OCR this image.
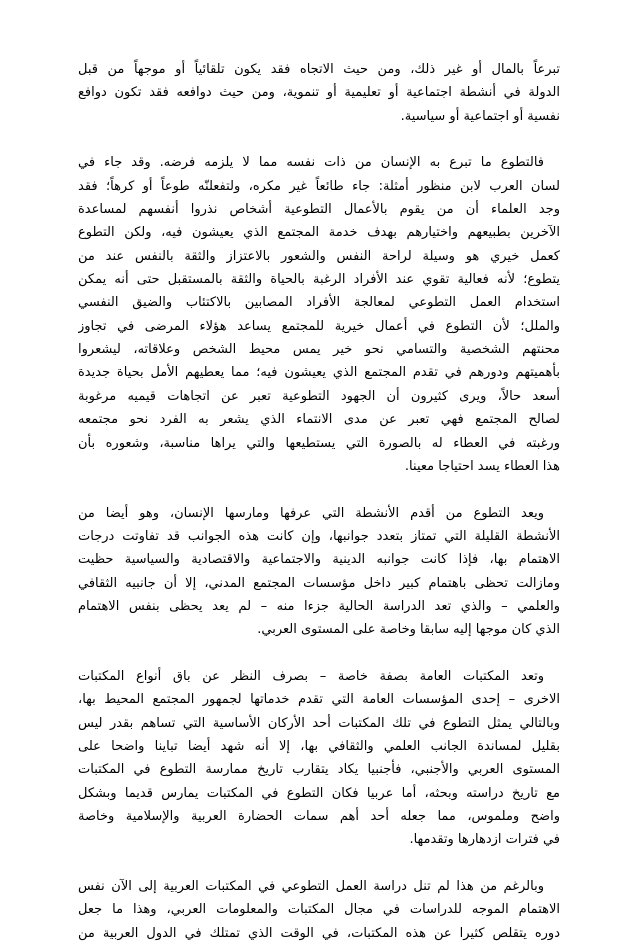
تبرعاً بالمال أو غير ذلك، ومن حيث الاتجاه فقد يكون تلقائياً أو موجهاً من قبل
الدولة في أنشطة اجتماعية أو تعليمية أو تنموية، ومن حيث دوافعه فقد تكون دوافع
نفسية أو اجتماعية أو سياسية.
فالتطوع ما تبرع به الإنسان من ذات نفسه مما لا يلزمه فرضه. وقد جاء في
لسان العرب لابن منظور أمثلة: جاء طائعاً غير مكره، ولتفعلنّه طوعاً أو كرهاً؛ فقد
وجد العلماء أن من يقوم بالأعمال التطوعية أشخاص نذروا أنفسهم لمساعدة
الآخرين بطبيعهم واختيارهم بهدف خدمة المجتمع الذي يعيشون فيه، ولكن التطوع
كعمل خيري هو وسيلة لراحة النفس والشعور بالاعتزاز والثقة بالنفس عند من
يتطوع؛ لأنه فعالية تقوي عند الأفراد الرغبة بالحياة والثقة بالمستقبل حتى أنه يمكن
استخدام العمل التطوعي لمعالجة الأفراد المصابين بالاكتئاب والضيق النفسي
والملل؛ لأن التطوع في أعمال خيرية للمجتمع يساعد هؤلاء المرضى في تجاوز
محنتهم الشخصية والتسامي نحو خير يمس محيط الشخص وعلاقاته، ليشعروا
بأهميتهم ودورهم في تقدم المجتمع الذي يعيشون فيه؛ مما يعطيهم الأمل بحياة جديدة
أسعد حالاً، ويرى كثيرون أن الجهود التطوعية تعبر عن اتجاهات قيميه مرغوبة
لصالح المجتمع فهي تعبر عن مدى الانتماء الذي يشعر به الفرد نحو مجتمعه
ورغبته في العطاء له بالصورة التي يستطيعها والتي يراها مناسبة، وشعوره بأن
هذا العطاء يسد احتياجا معينا.
ويعد التطوع من أقدم الأنشطة التي عرفها ومارسها الإنسان، وهو أيضا من
الأنشطة القليلة التي تمتاز بتعدد جوانبها، وإن كانت هذه الجوانب قد تفاوتت درجات
الاهتمام بها، فإذا كانت جوانبه الدينية والاجتماعية والاقتصادية والسياسية حظيت
ومازالت تحظى باهتمام كبير داخل مؤسسات المجتمع المدني، إلا أن جانبيه الثقافي
والعلمي – والذي تعد الدراسة الحالية جزءا منه – لم يعد يحظى بنفس الاهتمام
الذي كان موجها إليه سابقا وخاصة على المستوى العربي.
وتعد المكتبات العامة بصفة خاصة – بصرف النظر عن باق أنواع المكتبات
الاخرى – إحدى المؤسسات العامة التي تقدم خدماتها لجمهور المجتمع المحيط بها،
وبالتالي يمثل التطوع في تلك المكتبات أحد الأركان الأساسية التي تساهم بقدر ليس
بقليل لمساندة الجانب العلمي والثقافي بها، إلا أنه شهد أيضا تباينا واضحا على
المستوى العربي والأجنبي، فأجنبيا يكاد يتقارب تاريخ ممارسة التطوع في المكتبات
مع تاريخ دراسته وبحثه، أما عربيا فكان التطوع في المكتبات يمارس قديما وبشكل
واضح وملموس، مما جعله أحد أهم سمات الحضارة العربية والإسلامية وخاصة
في فترات ازدهارها وتقدمها.
وبالرغم من هذا لم تنل دراسة العمل التطوعي في المكتبات العربية إلى الآن نفس
الاهتمام الموجه للدراسات في مجال المكتبات والمعلومات العربي، وهذا ما جعل
دوره يتقلص كثيرا عن هذه المكتبات، في الوقت الذي تمتلك في الدول العربية من
